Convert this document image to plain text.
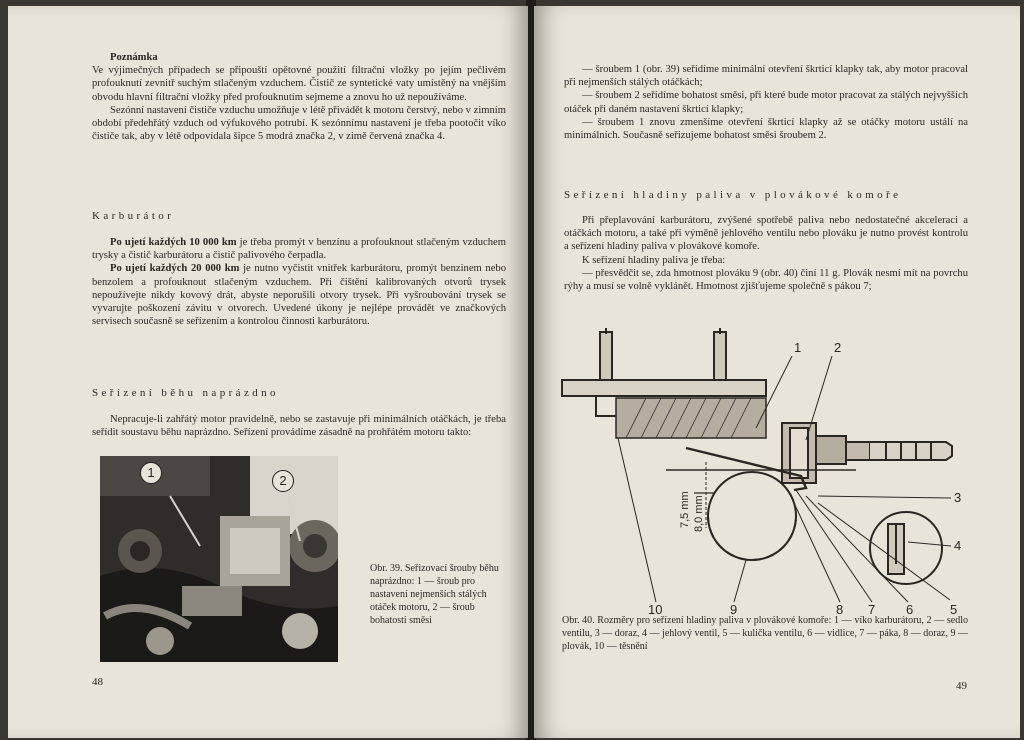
Poznámka

Ve výjimečných případech se připouští opětovné použití filtrační vložky po jejím pečlivém profouknutí zevnitř suchým stlačeným vzduchem. Čistič ze syntetické vaty umístěný na vnějším obvodu hlavní filtrační vložky před profouknutím sejmeme a znovu ho už nepoužíváme.

Sezónní nastavení čističe vzduchu umožňuje v létě přivádět k motoru čerstvý, nebo v zimním období předehřátý vzduch od výfukového potrubí. K sezónnímu nastavení je třeba pootočit víko čističe tak, aby v létě odpovídala šipce 5 modrá značka 2, v zimě červená značka 4.

Karburátor

Po ujetí každých 10 000 km je třeba promýt v benzínu a profouknout stlačeným vzduchem trysky a čistič karburátoru a čistič palivového čerpadla.

Po ujetí každých 20 000 km je nutno vyčistit vnitřek karburátoru, promýt benzinem nebo benzolem a profouknout stlačeným vzduchem. Při čištění kalibrovaných otvorů trysek nepoužívejte nikdy kovový drát, abyste neporušili otvory trysek. Při vyšroubování trysek se vyvarujte poškození závitu v otvorech. Uvedené úkony je nejlépe provádět ve značkových servisech současně se seřízením a kontrolou činnosti karburátoru.

Seřízení běhu naprázdno

Nepracuje-li zahřátý motor pravidelně, nebo se zastavuje při minimálních otáčkách, je třeba seřídit soustavu běhu naprázdno. Seřízení provádíme zásadně na prohřátém motoru takto:

1
2
Obr. 39. Seřizovací šrouby běhu naprázdno: 1 — šroub pro nastavení nejmenších stálých otáček motoru, 2 — šroub bohatosti směsi
48

— šroubem 1 (obr. 39) seřídíme minimální otevření škrticí klapky tak, aby motor pracoval při nejmenších stálých otáčkách;

— šroubem 2 seřídíme bohatost směsi, při které bude motor pracovat za stálých nejvyšších otáček při daném nastavení škrticí klapky;

— šroubem 1 znovu zmenšíme otevření škrticí klapky až se otáčky motoru ustálí na minimálních. Současně seřizujeme bohatost směsi šroubem 2.

Seřízení hladiny paliva v plovákové komoře

Při přeplavování karburátoru, zvýšené spotřebě paliva nebo nedostatečné akceleraci a otáčkách motoru, a také při výměně jehlového ventilu nebo plováku je nutno provést kontrolu a seřízení hladiny paliva v plovákové komoře.

K seřízení hladiny paliva je třeba:

— přesvědčit se, zda hmotnost plováku 9 (obr. 40) činí 11 g. Plovák nesmí mít na povrchu rýhy a musí se volně vyklánět. Hmotnost zjišťujeme společně s pákou 7;

1	2
3
4
5
6
7
8
9
10
7,5 mm 8,0 mm
Obr. 40. Rozměry pro seřízení hladiny paliva v plovákové komoře: 1 — víko karburátoru, 2 — sedlo ventilu, 3 — doraz, 4 — jehlový ventil, 5 — kulička ventilu, 6 — vidlice, 7 — páka, 8 — doraz, 9 — plovák, 10 — těsnění
49
